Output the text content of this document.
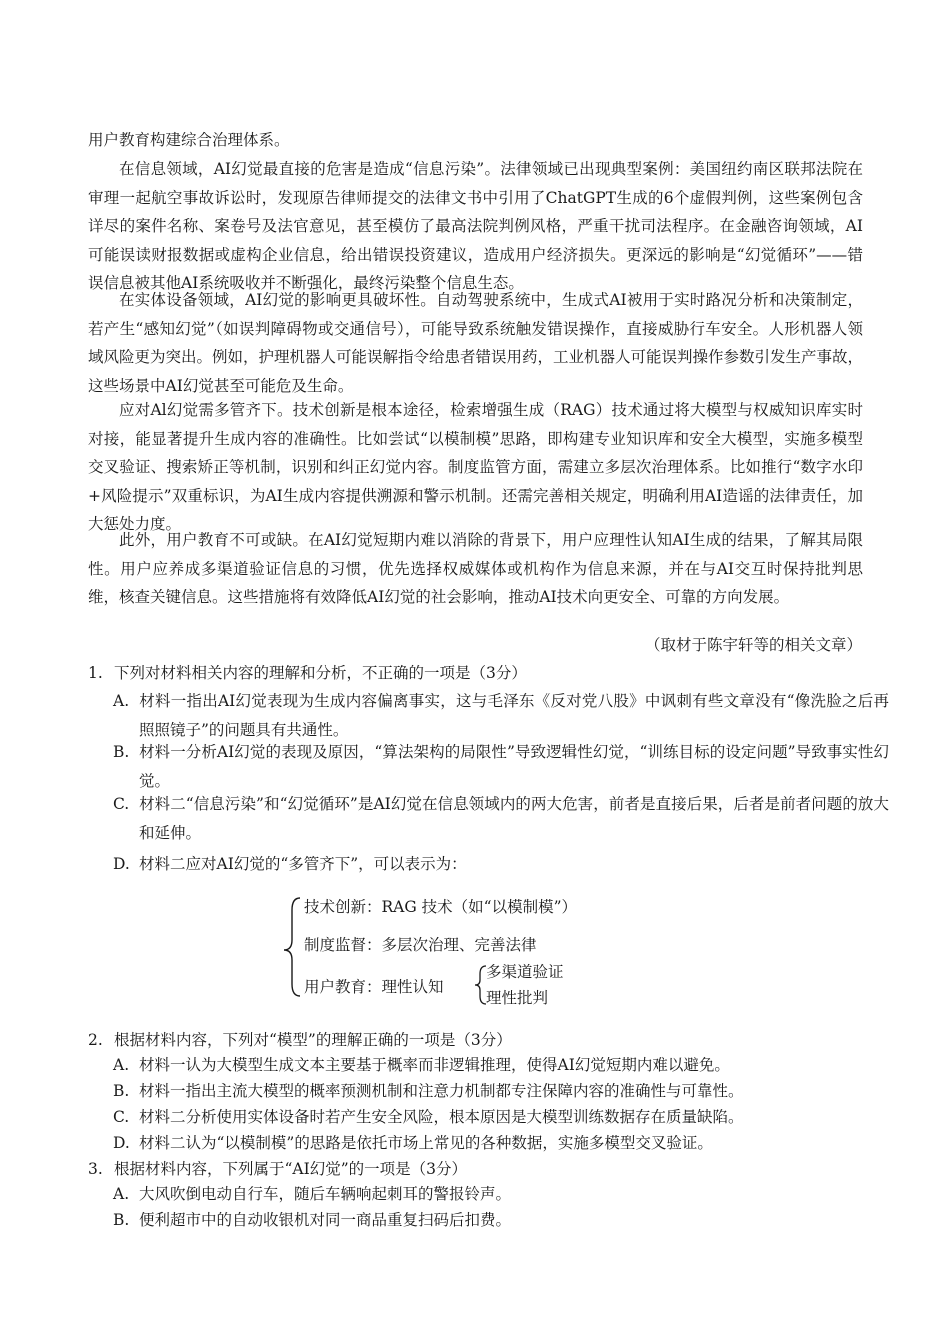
用户教育构建综合治理体系。

在信息领域，AI幻觉最直接的危害是造成“信息污染”。法律领域已出现典型案例：美国纽约南区联邦法院在审理一起航空事故诉讼时，发现原告律师提交的法律文书中引用了ChatGPT生成的6个虚假判例，这些案例包含详尽的案件名称、案卷号及法官意见，甚至模仿了最高法院判例风格，严重干扰司法程序。在金融咨询领域，AI可能误读财报数据或虚构企业信息，给出错误投资建议，造成用户经济损失。更深远的影响是“幻觉循环”——错误信息被其他AI系统吸收并不断强化，最终污染整个信息生态。

在实体设备领域，AI幻觉的影响更具破坏性。自动驾驶系统中，生成式AI被用于实时路况分析和决策制定，若产生“感知幻觉”（如误判障碍物或交通信号），可能导致系统触发错误操作，直接威胁行车安全。人形机器人领域风险更为突出。例如，护理机器人可能误解指令给患者错误用药，工业机器人可能误判操作参数引发生产事故，这些场景中AI幻觉甚至可能危及生命。

应对Al幻觉需多管齐下。技术创新是根本途径，检索增强生成（RAG）技术通过将大模型与权威知识库实时对接，能显著提升生成内容的准确性。比如尝试“以模制模”思路，即构建专业知识库和安全大模型，实施多模型交叉验证、搜索矫正等机制，识别和纠正幻觉内容。制度监管方面，需建立多层次治理体系。比如推行“数字水印+风险提示”双重标识，为AI生成内容提供溯源和警示机制。还需完善相关规定，明确利用AI造谣的法律责任，加大惩处力度。

此外，用户教育不可或缺。在AI幻觉短期内难以消除的背景下，用户应理性认知AI生成的结果，了解其局限性。用户应养成多渠道验证信息的习惯，优先选择权威媒体或机构作为信息来源，并在与AI交互时保持批判思维，核查关键信息。这些措施将有效降低AI幻觉的社会影响，推动AI技术向更安全、可靠的方向发展。

（取材于陈宇轩等的相关文章）

1. 下列对材料相关内容的理解和分析，不正确的一项是（3分）

A. 材料一指出AI幻觉表现为生成内容偏离事实，这与毛泽东《反对党八股》中讽刺有些文章没有“像洗脸之后再照照镜子”的问题具有共通性。

B. 材料一分析AI幻觉的表现及原因，“算法架构的局限性”导致逻辑性幻觉，“训练目标的设定问题”导致事实性幻觉。

C. 材料二“信息污染”和“幻觉循环”是AI幻觉在信息领域内的两大危害，前者是直接后果，后者是前者问题的放大和延伸。

D. 材料二应对AI幻觉的“多管齐下”，可以表示为：

技术创新：RAG 技术（如“以模制模”）
制度监督：多层次治理、完善法律
用户教育：理性认知
多渠道验证
理性批判

2. 根据材料内容，下列对“模型”的理解正确的一项是（3分）

A. 材料一认为大模型生成文本主要基于概率而非逻辑推理，使得AI幻觉短期内难以避免。

B. 材料一指出主流大模型的概率预测机制和注意力机制都专注保障内容的准确性与可靠性。

C. 材料二分析使用实体设备时若产生安全风险，根本原因是大模型训练数据存在质量缺陷。

D. 材料二认为“以模制模”的思路是依托市场上常见的各种数据，实施多模型交叉验证。

3. 根据材料内容，下列属于“AI幻觉”的一项是（3分）

A. 大风吹倒电动自行车，随后车辆响起刺耳的警报铃声。

B. 便利超市中的自动收银机对同一商品重复扫码后扣费。
